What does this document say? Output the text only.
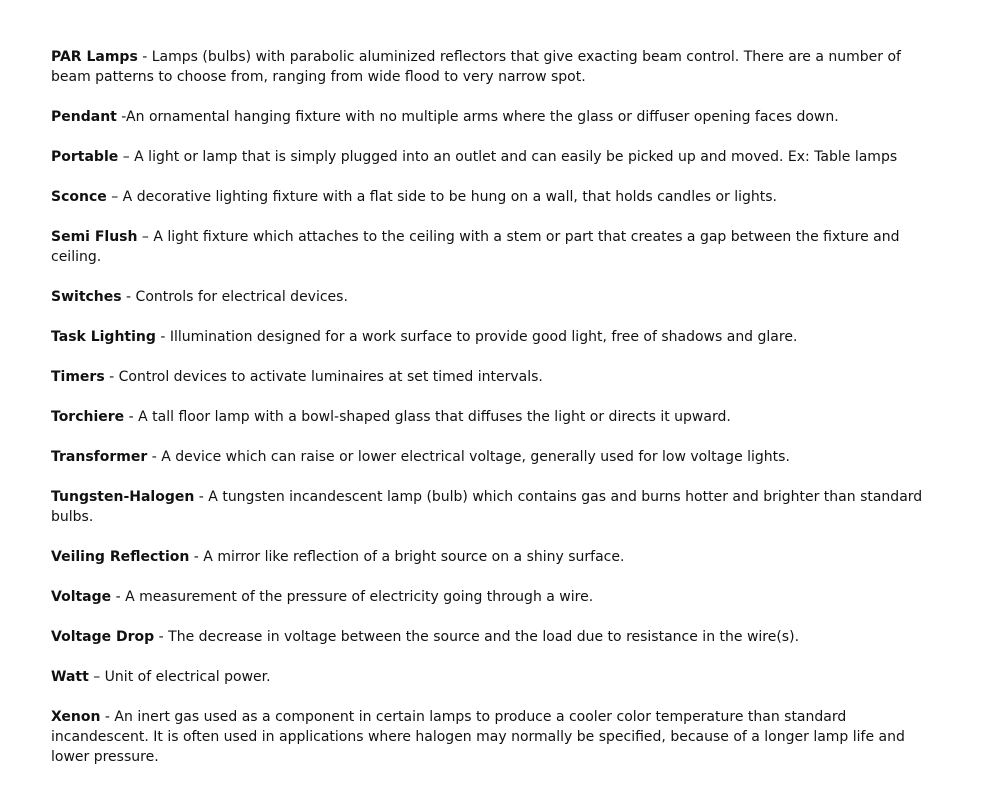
PAR Lamps - Lamps (bulbs) with parabolic aluminized reflectors that give exacting beam control. There are a number of beam patterns to choose from, ranging from wide flood to very narrow spot.
Pendant -An ornamental hanging fixture with no multiple arms where the glass or diffuser opening faces down.
Portable – A light or lamp that is simply plugged into an outlet and can easily be picked up and moved. Ex: Table lamps
Sconce – A decorative lighting fixture with a flat side to be hung on a wall, that holds candles or lights.
Semi Flush – A light fixture which attaches to the ceiling with a stem or part that creates a gap between the fixture and ceiling.
Switches - Controls for electrical devices.
Task Lighting - Illumination designed for a work surface to provide good light, free of shadows and glare.
Timers - Control devices to activate luminaires at set timed intervals.
Torchiere - A tall floor lamp with a bowl-shaped glass that diffuses the light or directs it upward.
Transformer - A device which can raise or lower electrical voltage, generally used for low voltage lights.
Tungsten-Halogen - A tungsten incandescent lamp (bulb) which contains gas and burns hotter and brighter than standard bulbs.
Veiling Reflection - A mirror like reflection of a bright source on a shiny surface.
Voltage - A measurement of the pressure of electricity going through a wire.
Voltage Drop - The decrease in voltage between the source and the load due to resistance in the wire(s).
Watt – Unit of electrical power.
Xenon - An inert gas used as a component in certain lamps to produce a cooler color temperature than standard incandescent. It is often used in applications where halogen may normally be specified, because of a longer lamp life and lower pressure.
